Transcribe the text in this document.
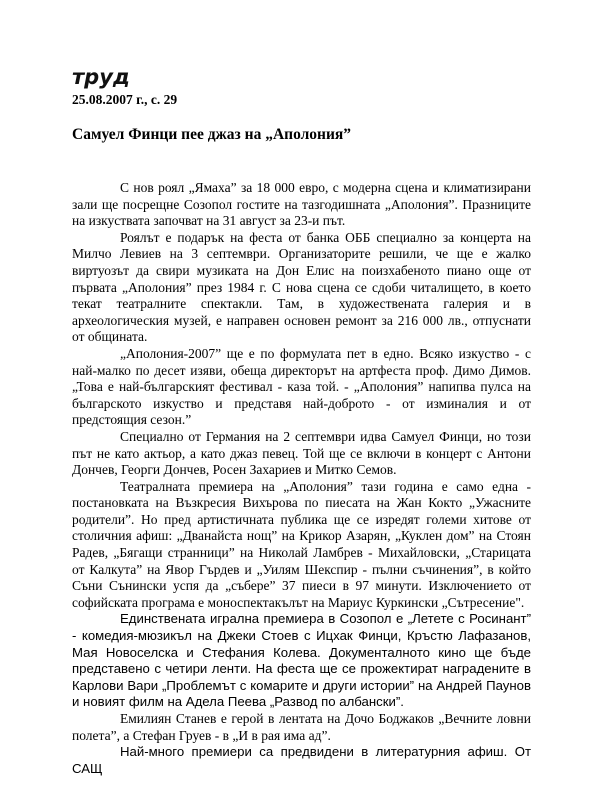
труд
25.08.2007 г., с. 29
Самуел Финци пее джаз на „Аполония”

С нов роял „Ямаха” за 18 000 евро, с модерна сцена и климатизирани зали ще посрещне Созопол гостите на тазгодишната „Аполония”. Празниците на изкуствата започват на 31 август за 23-и път.

Роялът е подарък на феста от банка ОББ специално за концерта на Милчо Левиев на 3 септември. Организаторите решили, че ще е жалко виртуозът да свири музиката на Дон Елис на поизхабеното пиано още от първата „Аполония” през 1984 г. С нова сцена се сдоби читалището, в което текат театралните спектакли. Там, в художествената галерия и в археологическия музей, е направен основен ремонт за 216 000 лв., отпуснати от общината.

„Аполония-2007” ще е по формулата пет в едно. Всяко изкуство - с най-малко по десет изяви, обеща директорът на артфеста проф. Димо Димов. „Това е най-българският фестивал - каза той. - „Аполония” напипва пулса на българското изкуство и представя най-доброто - от изминалия и от предстоящия сезон.”

Специално от Германия на 2 септември идва Самуел Финци, но този път не като актьор, а като джаз певец. Той ще се включи в концерт с Антони Дончев, Георги Дончев, Росен Захариев и Митко Семов.

Театралната премиера на „Аполония” тази година е само една - постановката на Възкресия Вихърова по пиесата на Жан Кокто „Ужасните родители”. Но пред артистичната публика ще се изредят големи хитове от столичния афиш: „Дванайста нощ” на Крикор Азарян, „Куклен дом” на Стоян Радев, „Бягащи странници” на Николай Ламбрев - Михайловски, „Старицата от Калкута” на Явор Гърдев и „Уилям Шекспир - пълни съчинения”, в който Съни Сънински успя да „събере” 37 пиеси в 97 минути. Изключението от софийската програма е моноспектакълът на Мариус Куркински „Сътресение".

Единствената игрална премиера в Созопол е „Летете с Росинант” - комедия-мюзикъл на Джеки Стоев с Ицхак Финци, Кръстю Лафазанов, Мая Новоселска и Стефания Колева. Документалното кино ще бъде представено с четири ленти. На феста ще се прожектират наградените в Карлови Вари „Проблемът с комарите и други истории” на Андрей Паунов и новият филм на Адела Пеева „Развод по албански”.

Емилиян Станев е герой в лентата на Дочо Боджаков „Вечните ловни полета”, а Стефан Груев - в „И в рая има ад”.

Най-много премиери са предвидени в литературния афиш. От САЩ
